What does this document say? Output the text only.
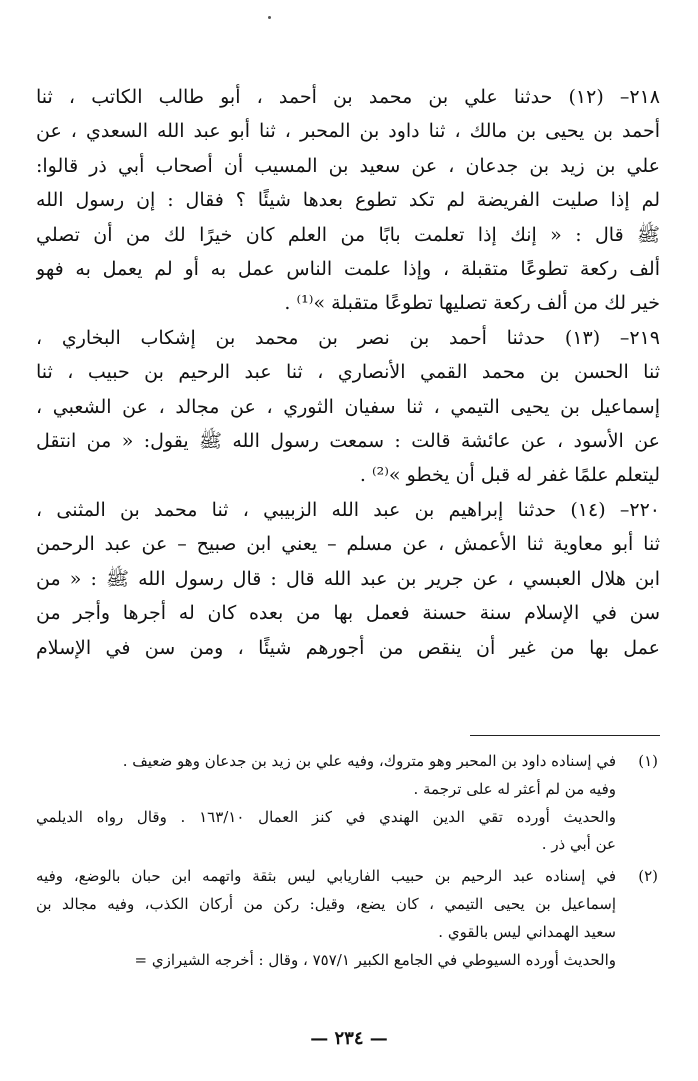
٢١٨– (١٢) حدثنا علي بن محمد بن أحمد ، أبو طالب الكاتب ، ثنا
أحمد بن يحيى بن مالك ، ثنا داود بن المحبر ، ثنا أبو عبد الله السعدي ، عن
علي بن زيد بن جدعان ، عن سعيد بن المسيب أن أصحاب أبي ذر قالوا:
لم إذا صليت الفريضة لم تكد تطوع بعدها شيئًا ؟ فقال : إن رسول الله
ﷺ قال : « إنك إذا تعلمت بابًا من العلم كان خيرًا لك من أن تصلي
ألف ركعة تطوعًا متقبلة ، وإذا علمت الناس عمل به أو لم يعمل به فهو
خير لك من ألف ركعة تصليها تطوعًا متقبلة »⁽¹⁾ .

٢١٩– (١٣) حدثنا أحمد بن نصر بن محمد بن إشكاب البخاري ،
ثنا الحسن بن محمد القمي الأنصاري ، ثنا عبد الرحيم بن حبيب ، ثنا
إسماعيل بن يحيى التيمي ، ثنا سفيان الثوري ، عن مجالد ، عن الشعبي ،
عن الأسود ، عن عائشة قالت : سمعت رسول الله ﷺ يقول: « من انتقل
ليتعلم علمًا غفر له قبل أن يخطو »⁽²⁾ .

٢٢٠– (١٤) حدثنا إبراهيم بن عبد الله الزبيبي ، ثنا محمد بن المثنى ،
ثنا أبو معاوية ثنا الأعمش ، عن مسلم – يعني ابن صبيح – عن عبد الرحمن
ابن هلال العبسي ، عن جرير بن عبد الله قال : قال رسول الله ﷺ : « من
سن في الإسلام سنة حسنة فعمل بها من بعده كان له أجرها وأجر من
عمل بها من غير أن ينقص من أجورهم شيئًا ، ومن سن في الإسلام

(١)
في إسناده داود بن المحبر وهو متروك، وفيه علي بن زيد بن جدعان وهو ضعيف .
وفيه من لم أعثر له على ترجمة .
والحديث أورده تقي الدين الهندي في كنز العمال ١٦٣/١٠ . وقال رواه الديلمي
عن أبي ذر .
(٢)
في إسناده عبد الرحيم بن حبيب الفاريابي ليس بثقة واتهمه ابن حبان بالوضع، وفيه
إسماعيل بن يحيى التيمي ، كان يضع، وقيل: ركن من أركان الكذب، وفيه مجالد بن
سعيد الهمداني ليس بالقوي .
والحديث أورده السيوطي في الجامع الكبير ٧٥٧/١ ، وقال : أخرجه الشيرازي =
— ٢٣٤ —
